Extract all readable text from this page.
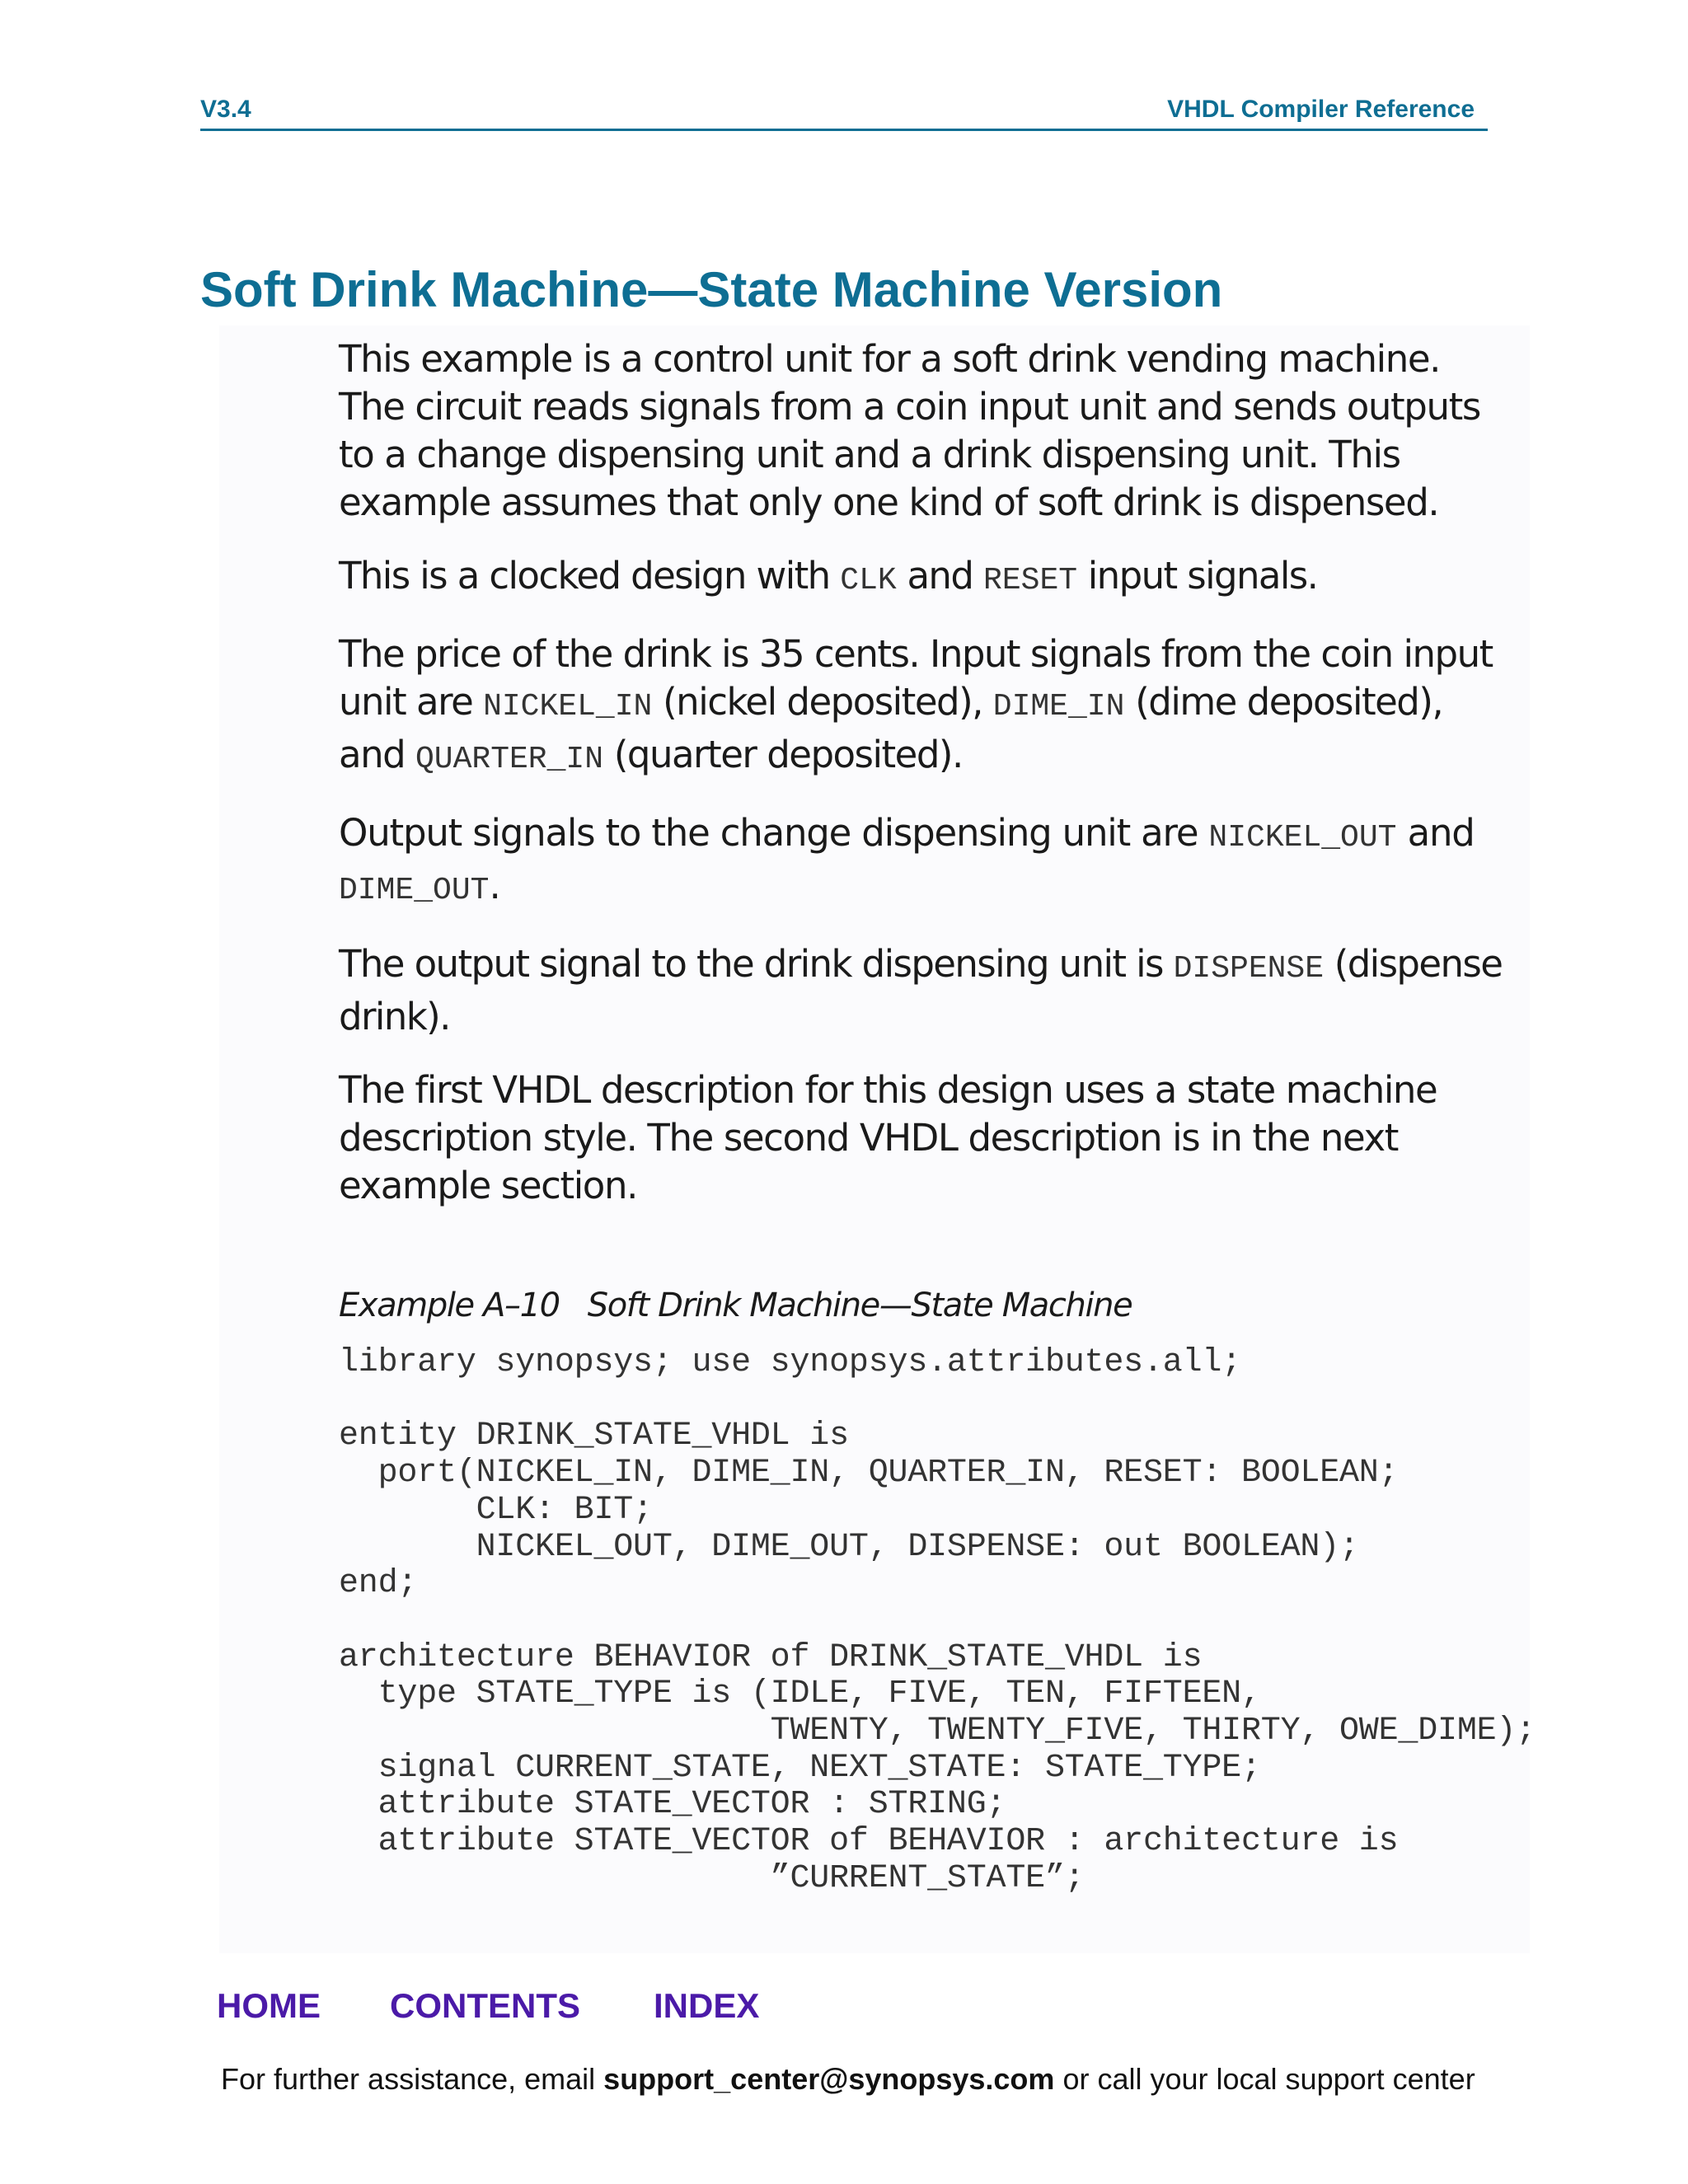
V3.4	VHDL Compiler Reference
Soft Drink Machine—State Machine Version

This example is a control unit for a soft drink vending machine. The circuit reads signals from a coin input unit and sends outputs to a change dispensing unit and a drink dispensing unit. This example assumes that only one kind of soft drink is dispensed.

This is a clocked design with CLK and RESET input signals.

The price of the drink is 35 cents. Input signals from the coin input unit are NICKEL_IN (nickel deposited), DIME_IN (dime deposited), and QUARTER_IN (quarter deposited).

Output signals to the change dispensing unit are NICKEL_OUT and DIME_OUT.

The output signal to the drink dispensing unit is DISPENSE (dispense drink).

The first VHDL description for this design uses a state machine description style. The second VHDL description is in the next example section.

Example A–10 Soft Drink Machine—State Machine
library synopsys; use synopsys.attributes.all;

entity DRINK_STATE_VHDL is
port(NICKEL_IN, DIME_IN, QUARTER_IN, RESET: BOOLEAN;
CLK: BIT;
NICKEL_OUT, DIME_OUT, DISPENSE: out BOOLEAN);
end;

architecture BEHAVIOR of DRINK_STATE_VHDL is
type STATE_TYPE is (IDLE, FIVE, TEN, FIFTEEN,
TWENTY, TWENTY_FIVE, THIRTY, OWE_DIME);
signal CURRENT_STATE, NEXT_STATE: STATE_TYPE;
attribute STATE_VECTOR : STRING;
attribute STATE_VECTOR of BEHAVIOR : architecture is
”CURRENT_STATE”;
HOME CONTENTS INDEX
For further assistance, email support_center@synopsys.com or call your local support center
